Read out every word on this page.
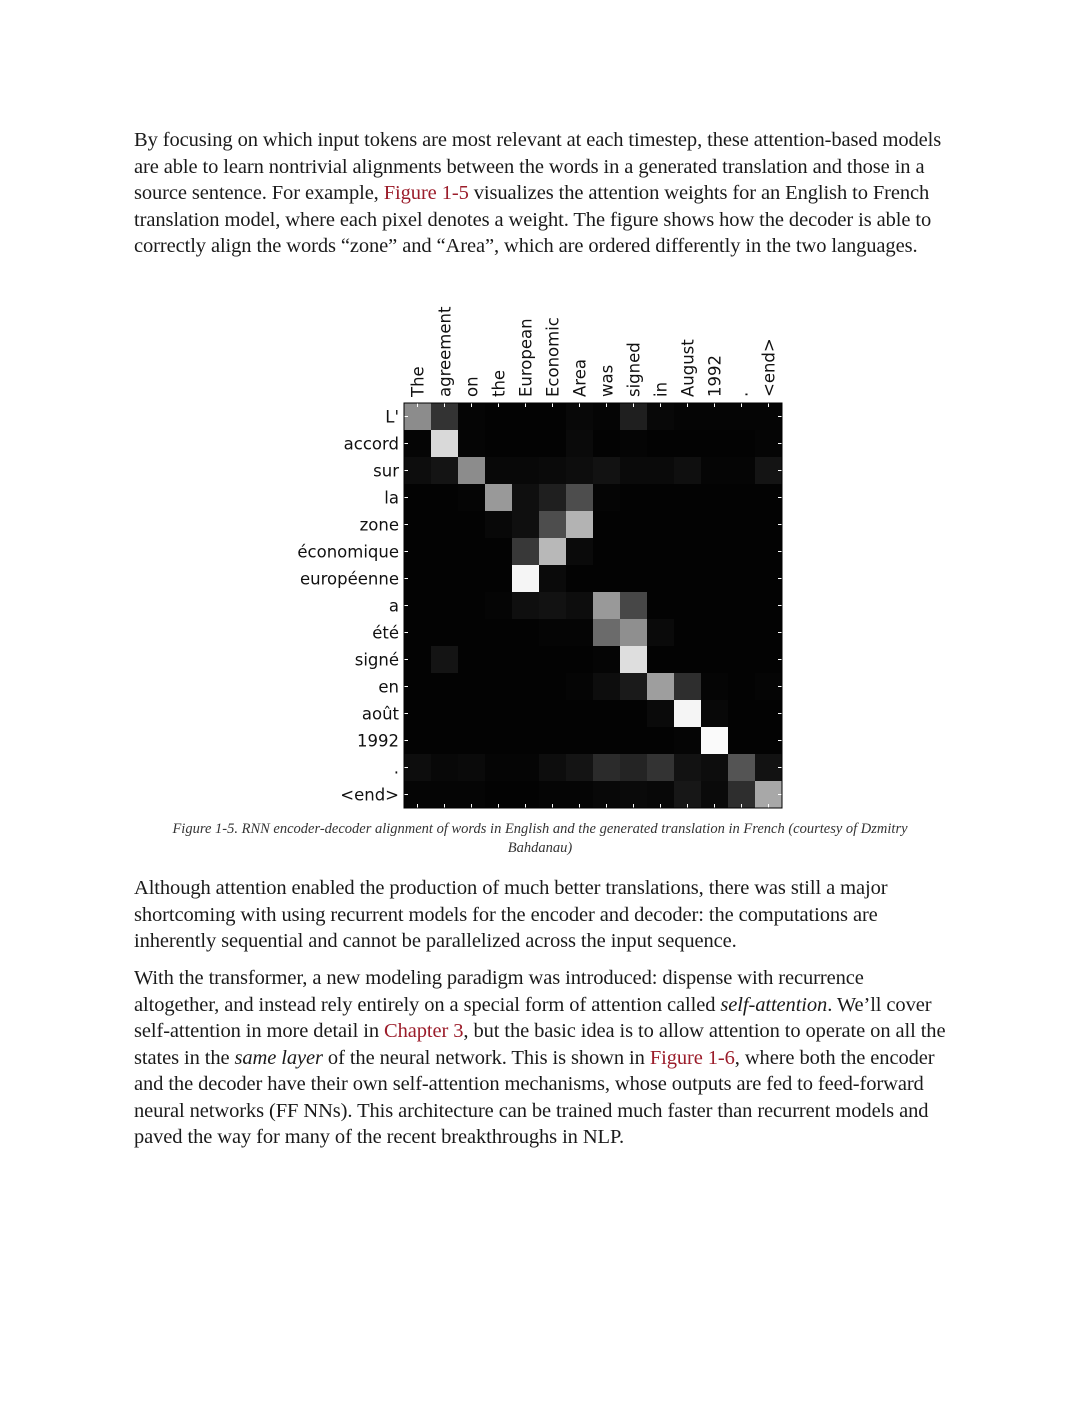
By focusing on which input tokens are most relevant at each timestep, these attention-based models are able to learn nontrivial alignments between the words in a generated translation and those in a source sentence. For example, Figure 1-5 visualizes the attention weights for an English to French translation model, where each pixel denotes a weight. The figure shows how the decoder is able to correctly align the words “zone” and “Area”, which are ordered differently in the two languages.

The agreement on the European Economic Area was signed in August 1992 . <end>
L'
accord
sur
la
zone
économique
européenne
a
été
signé
en
août
1992
.
<end>

Figure 1-5. RNN encoder-decoder alignment of words in English and the generated translation in French (courtesy of Dzmitry Bahdanau)

Although attention enabled the production of much better translations, there was still a major shortcoming with using recurrent models for the encoder and decoder: the computations are inherently sequential and cannot be parallelized across the input sequence.

With the transformer, a new modeling paradigm was introduced: dispense with recurrence altogether, and instead rely entirely on a special form of attention called self-attention. We’ll cover self-attention in more detail in Chapter 3, but the basic idea is to allow attention to operate on all the states in the same layer of the neural network. This is shown in Figure 1-6, where both the encoder and the decoder have their own self-attention mechanisms, whose outputs are fed to feed-forward neural networks (FF NNs). This architecture can be trained much faster than recurrent models and paved the way for many of the recent breakthroughs in NLP.
